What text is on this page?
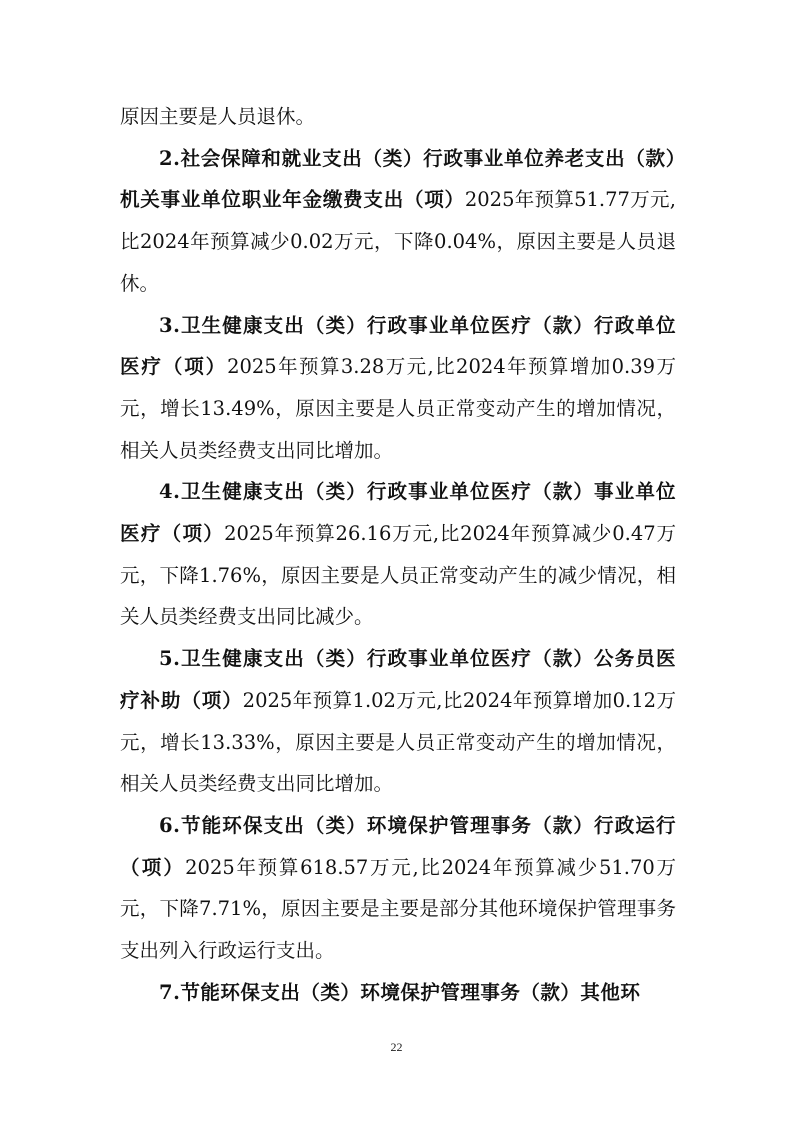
原因主要是人员退休。

2.社会保障和就业支出（类）行政事业单位养老支出（款）机关事业单位职业年金缴费支出（项）2025年预算51.77万元,比2024年预算减少0.02万元，下降0.04%，原因主要是人员退休。

3.卫生健康支出（类）行政事业单位医疗（款）行政单位医疗（项）2025年预算3.28万元,比2024年预算增加0.39万元，增长13.49%，原因主要是人员正常变动产生的增加情况，相关人员类经费支出同比增加。

4.卫生健康支出（类）行政事业单位医疗（款）事业单位医疗（项）2025年预算26.16万元,比2024年预算减少0.47万元，下降1.76%，原因主要是人员正常变动产生的减少情况，相关人员类经费支出同比减少。

5.卫生健康支出（类）行政事业单位医疗（款）公务员医疗补助（项）2025年预算1.02万元,比2024年预算增加0.12万元，增长13.33%，原因主要是人员正常变动产生的增加情况，相关人员类经费支出同比增加。

6.节能环保支出（类）环境保护管理事务（款）行政运行（项）2025年预算618.57万元,比2024年预算减少51.70万元，下降7.71%，原因主要是主要是部分其他环境保护管理事务支出列入行政运行支出。

7.节能环保支出（类）环境保护管理事务（款）其他环

22
